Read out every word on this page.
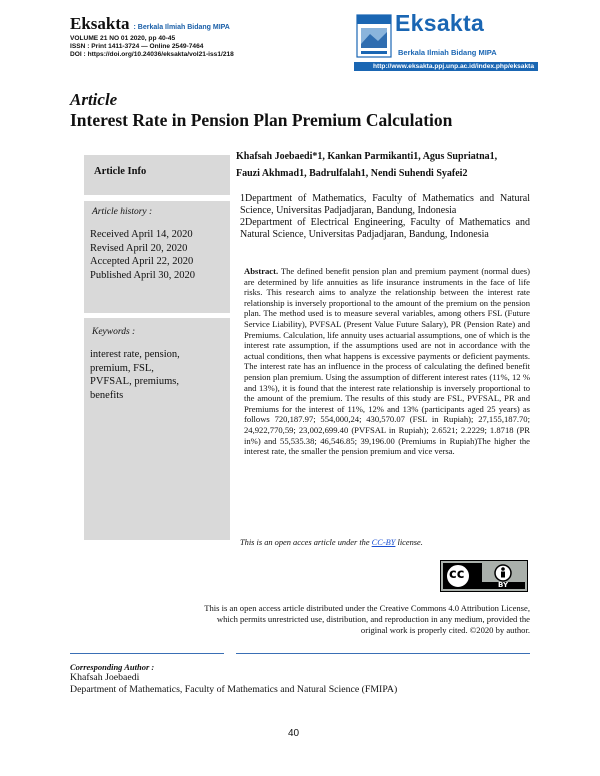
Eksakta : Berkala Ilmiah Bidang MIPA
VOLUME 21 NO 01 2020, pp 40-45
ISSN : Print 1411-3724 — Online 2549-7464
DOI : https://doi.org/10.24036/eksakta/vol21-iss1/218
Eksakta
Berkala Ilmiah Bidang MIPA
http://www.eksakta.ppj.unp.ac.id/index.php/eksakta
Article
Interest Rate in Pension Plan Premium Calculation
Article Info
Article history :
Received April 14, 2020
Revised April 20, 2020
Accepted April 22, 2020
Published April 30, 2020
Keywords :
interest rate, pension,
premium, FSL,
PVFSAL, premiums,
benefits
Khafsah Joebaedi*1, Kankan Parmikanti1, Agus Supriatna1,
Fauzi Akhmad1, Badrulfalah1, Nendi Suhendi Syafei2
1Department of Mathematics, Faculty of Mathematics and Natural Science, Universitas Padjadjaran, Bandung, Indonesia
2Department of Electrical Engineering, Faculty of Mathematics and Natural Science, Universitas Padjadjaran, Bandung, Indonesia
Abstract. The defined benefit pension plan and premium payment (normal dues) are determined by life annuities as life insurance instruments in the face of life risks. This research aims to analyze the relationship between the interest rate relationship is inversely proportional to the amount of the premium on the pension plan. The method used is to measure several variables, among others FSL (Future Service Liability), PVFSAL (Present Value Future Salary), PR (Pension Rate) and Premiums. Calculation, life annuity uses actuarial assumptions, one of which is the interest rate assumption, if the assumptions used are not in accordance with the actual conditions, then what happens is excessive payments or deficient payments. The interest rate has an influence in the process of calculating the defined benefit pension plan premium. Using the assumption of different interest rates (11%, 12 % and 13%), it is found that the interest rate relationship is inversely proportional to the amount of the premium. The results of this study are FSL, PVFSAL, PR and Premiums for the interest of 11%, 12% and 13% (participants aged 25 years) as follows 720,187.97; 554,000,24; 430,570.07 (FSL in Rupiah); 27,155,187.70; 24,922,770,59; 23,002,699.40 (PVFSAL in Rupiah); 2.6521; 2.2229; 1.8718 (PR in%) and 55,535.38; 46,546.85; 39,196.00 (Premiums in Rupiah)The higher the interest rate, the smaller the pension premium and vice versa.
This is an open acces article under the CC-BY license.
cc
BY
This is an open access article distributed under the Creative Commons 4.0 Attribution License,
which permits unrestricted use, distribution, and reproduction in any medium, provided the
original work is properly cited. ©2020 by author.
Corresponding Author :
Khafsah Joebaedi
Department of Mathematics, Faculty of Mathematics and Natural Science (FMIPA)
40
